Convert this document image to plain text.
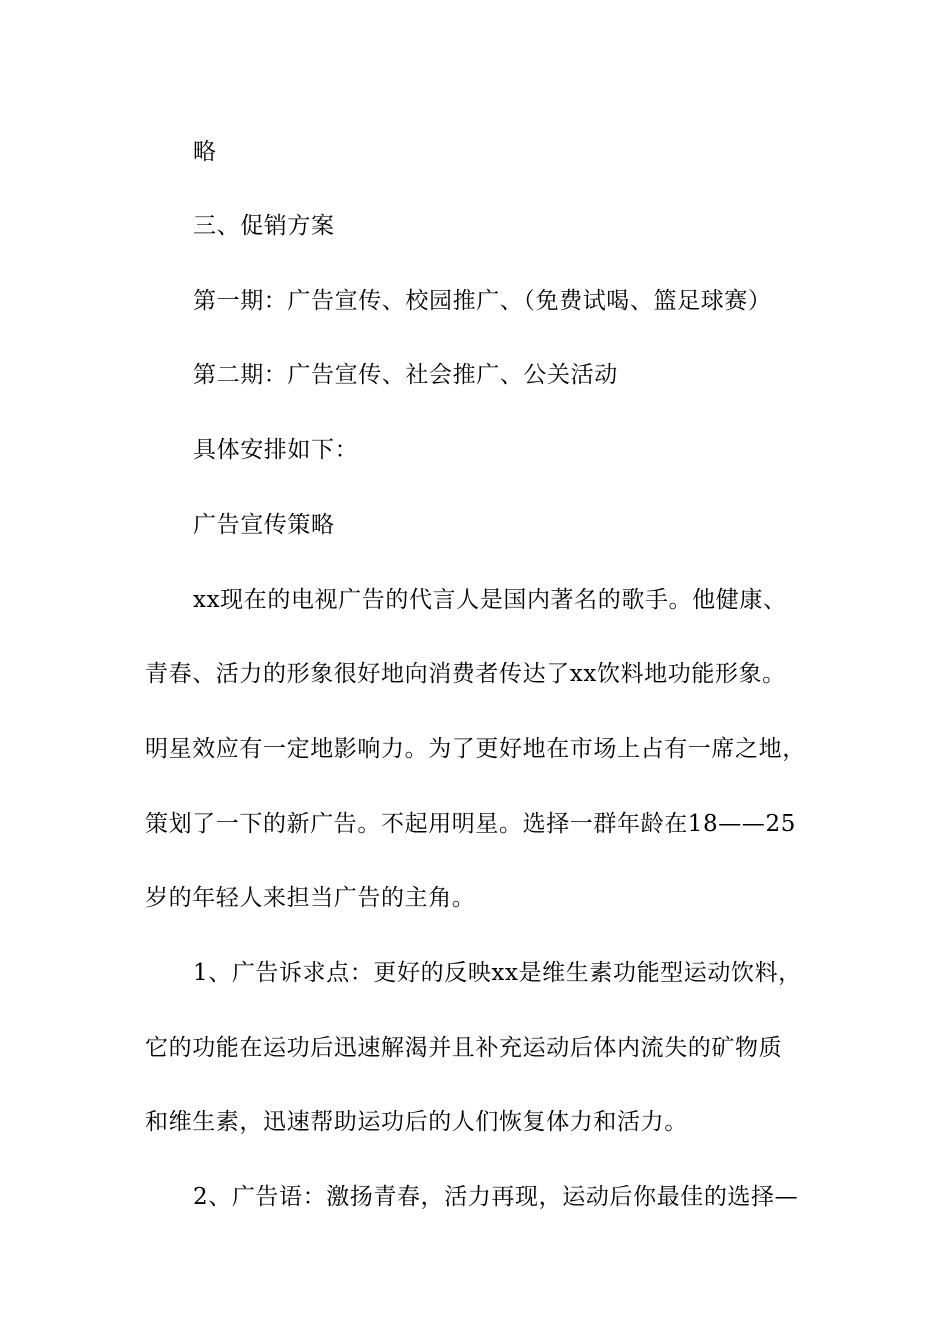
略
三、促销方案
第一期：广告宣传、校园推广、（免费试喝、篮足球赛）
第二期：广告宣传、社会推广、公关活动
具体安排如下：
广告宣传策略
xx现在的电视广告的代言人是国内著名的歌手。他健康、
青春、活力的形象很好地向消费者传达了xx饮料地功能形象。
明星效应有一定地影响力。为了更好地在市场上占有一席之地，
策划了一下的新广告。不起用明星。选择一群年龄在18——25
岁的年轻人来担当广告的主角。
1、广告诉求点：更好的反映xx是维生素功能型运动饮料，
它的功能在运功后迅速解渴并且补充运动后体内流失的矿物质
和维生素，迅速帮助运功后的人们恢复体力和活力。
2、广告语：激扬青春，活力再现，运动后你最佳的选择—
